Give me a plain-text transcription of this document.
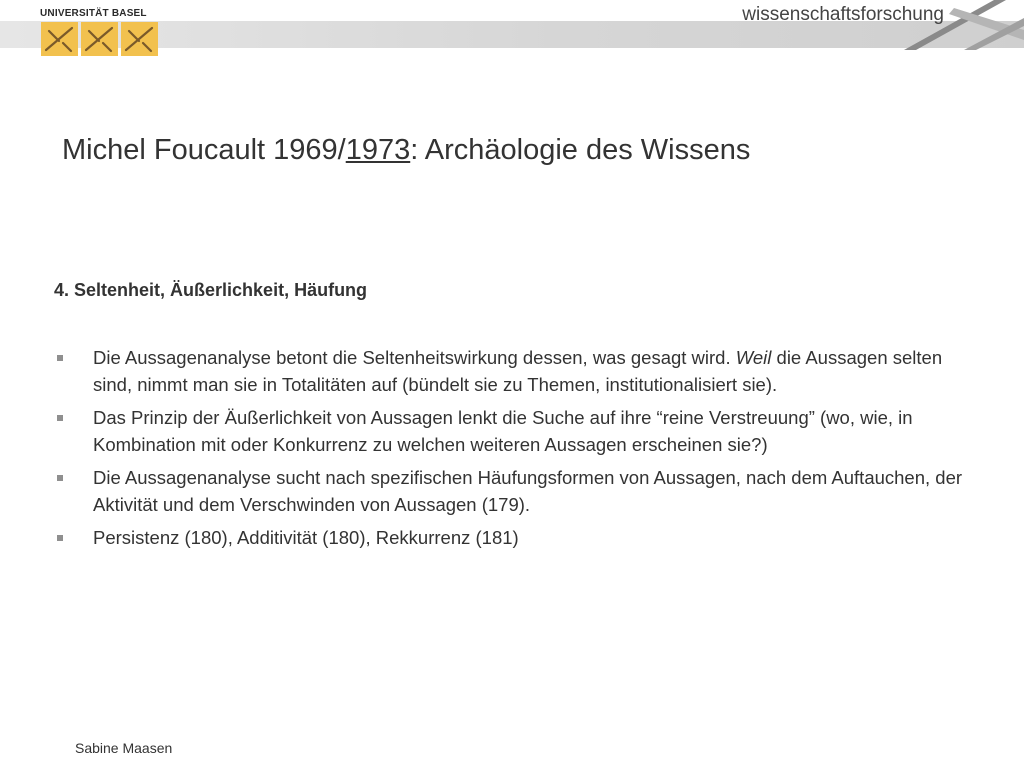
UNIVERSITÄT BASEL	wissenschaftsforschung
Michel Foucault 1969/1973: Archäologie des Wissens
4. Seltenheit, Äußerlichkeit, Häufung
Die Aussagenanalyse betont die Seltenheitswirkung dessen, was gesagt wird. Weil die Aussagen selten sind, nimmt man sie in Totalitäten auf (bündelt sie zu Themen, institutionalisiert sie).
Das Prinzip der Äußerlichkeit von Aussagen lenkt die Suche auf ihre “reine Verstreuung” (wo, wie, in Kombination mit oder Konkurrenz zu welchen weiteren Aussagen erscheinen sie?)
Die Aussagenanalyse sucht nach spezifischen Häufungsformen von Aussagen, nach dem Auftauchen, der Aktivität und dem Verschwinden von Aussagen (179).
Persistenz (180), Additivität (180), Rekkurrenz (181)
Sabine Maasen
